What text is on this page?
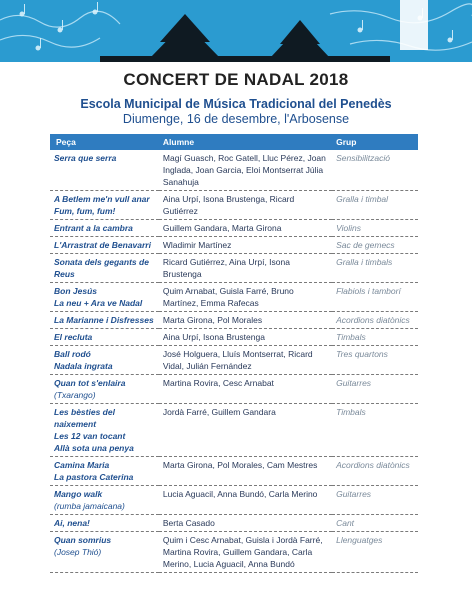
CONCERT DE NADAL 2018
Escola Municipal de Música Tradicional del Penedès
Diumenge, 16 de desembre, l'Arbosense
Peça	Alumne	Grup

Serra que serra	Magí Guasch, Roc Gatell, Lluc Pérez, Joan Inglada, Joan Garcia, Eloi Montserrat Júlia Sanahuja	Sensibilització

A Betlem me'n vull anar
Fum, fum, fum!	Aina Urpí, Isona Brustenga, Ricard Gutiérrez	Gralla i timbal

Entrant a la cambra	Guillem Gandara, Marta Girona	Violins

L'Arrastrat de Benavarri	Wladimir Martínez	Sac de gemecs

Sonata dels gegants de Reus	Ricard Gutiérrez, Aina Urpí, Isona Brustenga	Gralla i timbals

Bon Jesús
La neu + Ara ve Nadal	Quim Arnabat, Guisla Farré, Bruno Martínez, Emma Rafecas	Flabiols i tamborí

La Marianne i Disfresses	Marta Girona, Pol Morales	Acordions diatònics

El recluta	Aina Urpí, Isona Brustenga	Timbals

Ball rodó
Nadala ingrata	José Holguera, Lluís Montserrat, Ricard Vidal, Julián Fernández	Tres quartons

Quan tot s'enlaira
(Txarango)	Martina Rovira, Cesc Arnabat	Guitarres

Les bèsties del naixement
Les 12 van tocant
Allà sota una penya	Jordà Farré, Guillem Gandara	Timbals

Camina Maria
La pastora Caterina	Marta Girona, Pol Morales, Cam Mestres	Acordions diatònics

Mango walk
(rumba jamaicana)	Lucia Aguacil, Anna Bundó, Carla Merino	Guitarres

Ai, nena!	Berta Casado	Cant

Quan somrius
(Josep Thió)	Quim i Cesc Arnabat, Guisla i Jordà Farré, Martina Rovira, Guillem Gandara, Carla Merino, Lucia Aguacil, Anna Bundó	Llenguatges
